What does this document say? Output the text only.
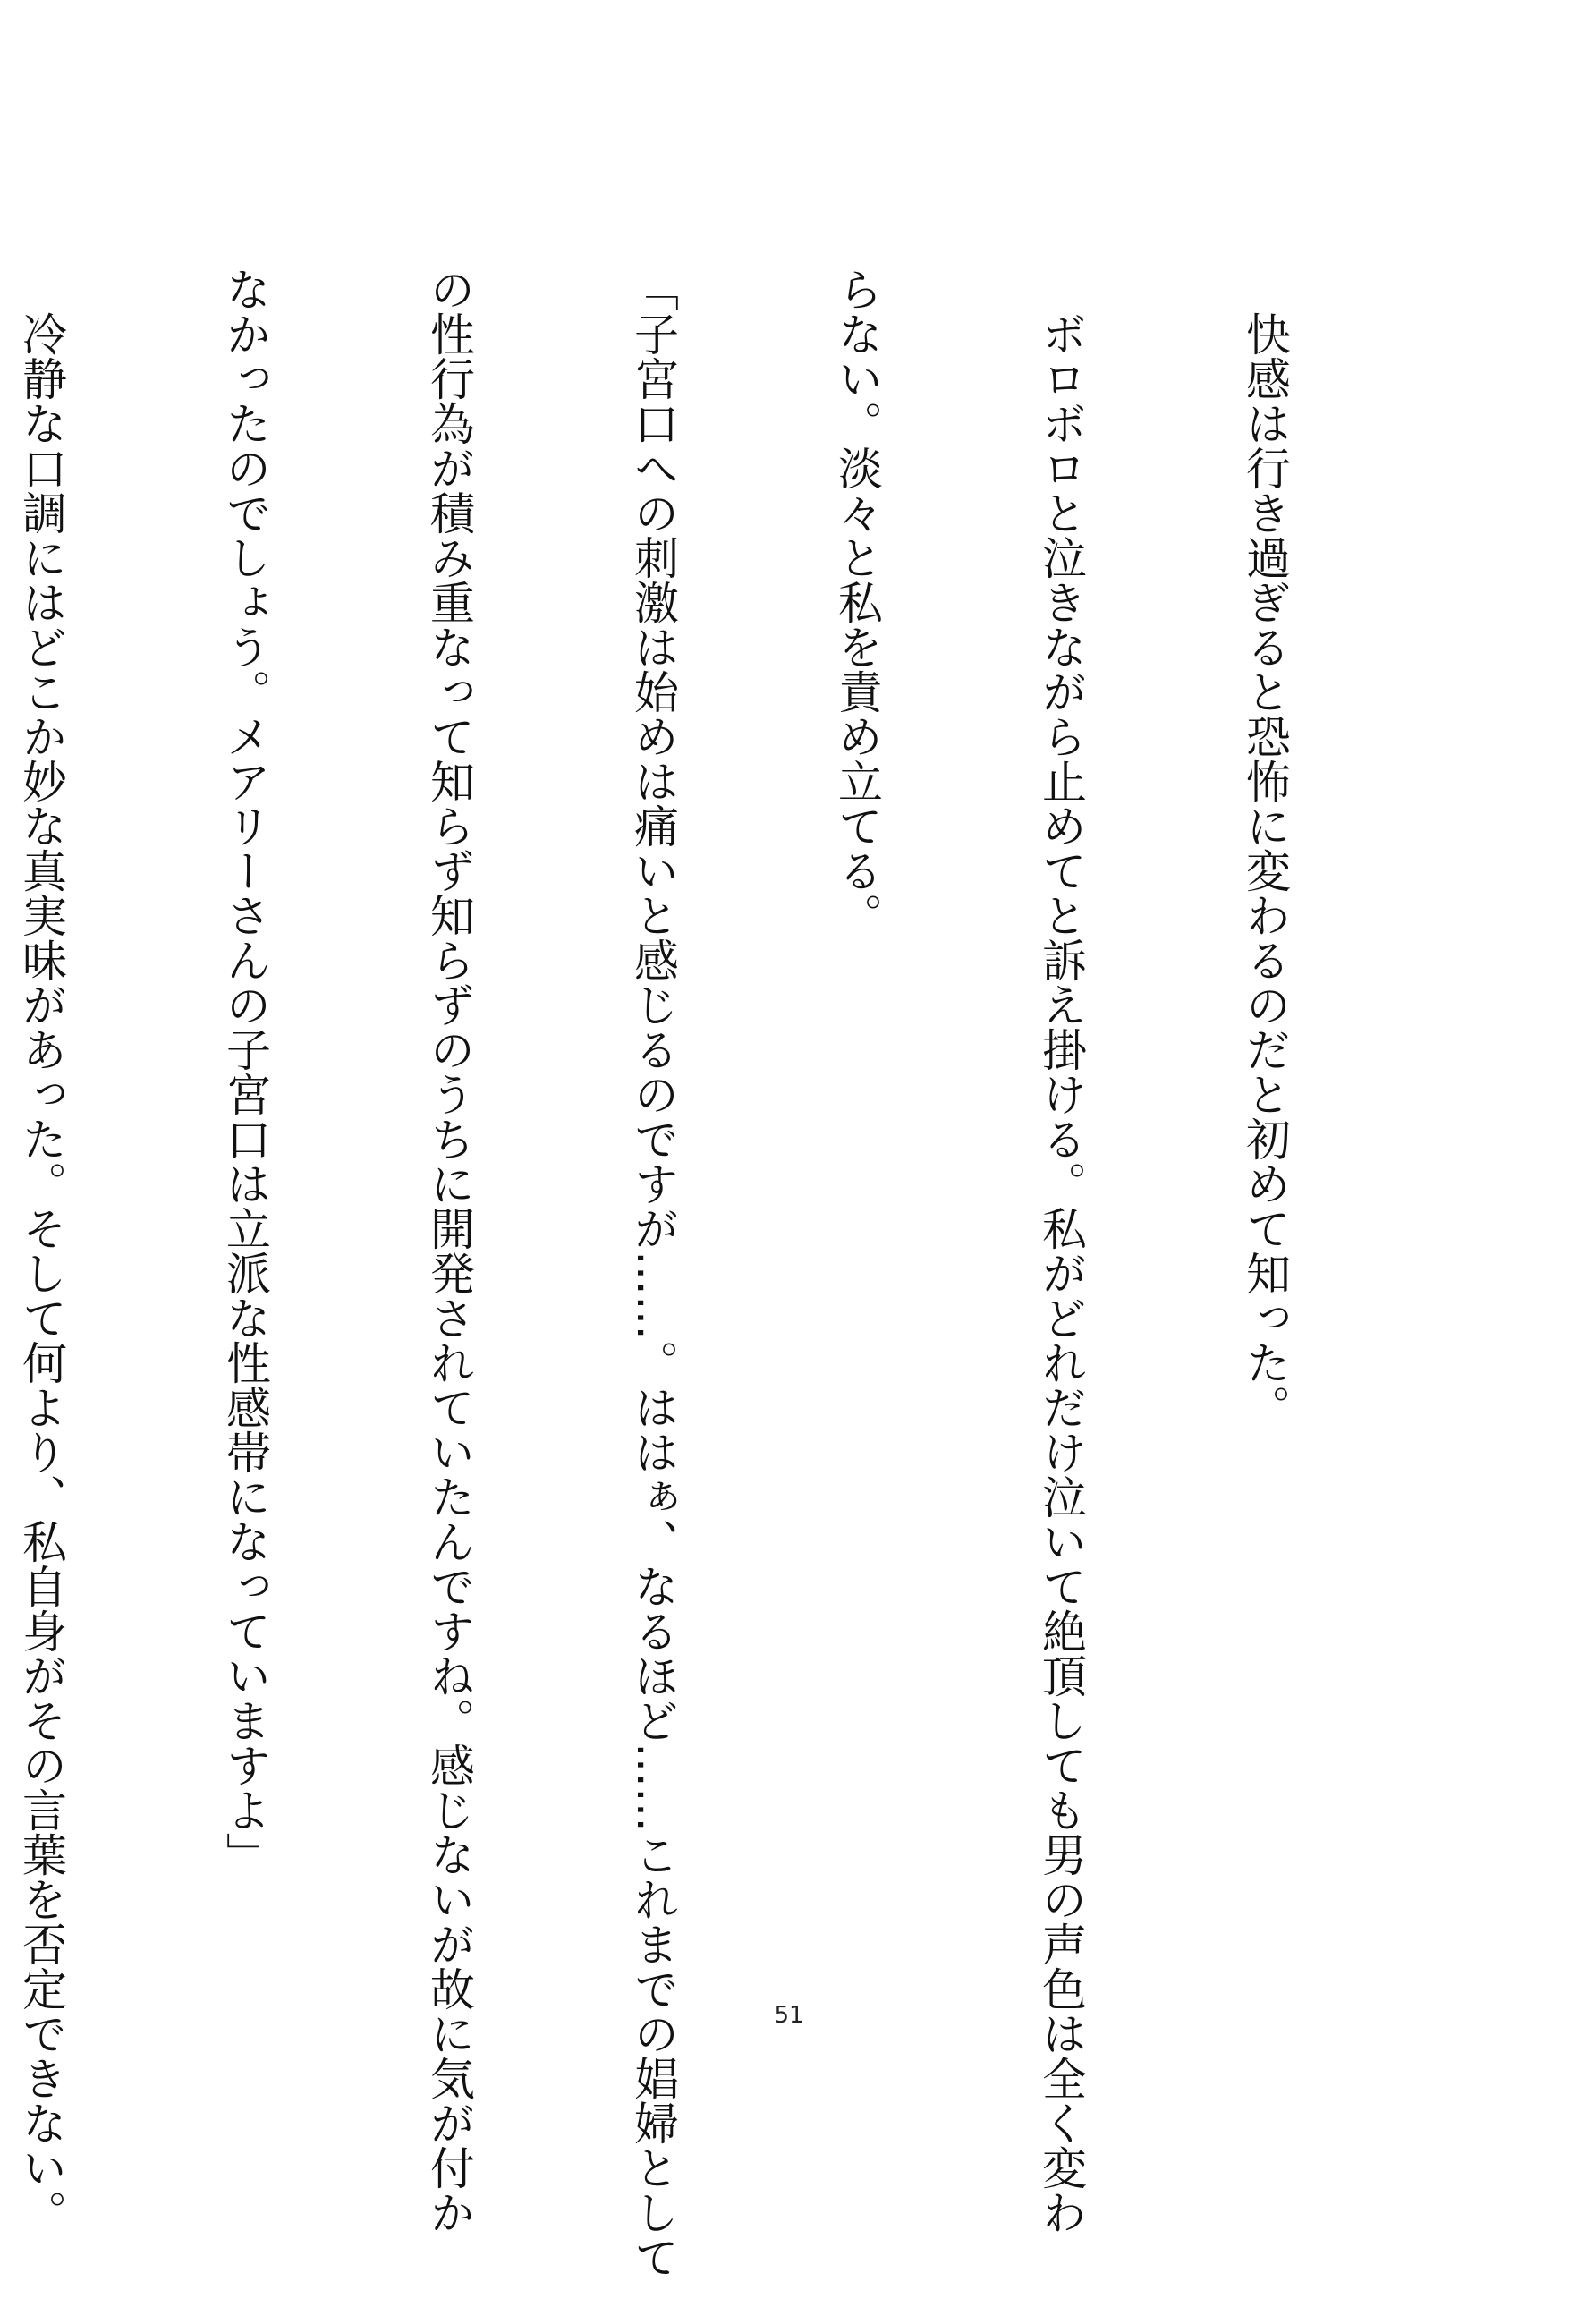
快感は行き過ぎると恐怖に変わるのだと初めて知った。

ボロボロと泣きながら止めてと訴え掛ける。私がどれだけ泣いて絶頂しても男の声色は全く変わ

らない。淡々と私を責め立てる。

「子宮口への刺激は始めは痛いと感じるのですが……。ははぁ、なるほど……これまでの娼婦として

の性行為が積み重なって知らず知らずのうちに開発されていたんですね。感じないが故に気が付か

なかったのでしょう。メアリーさんの子宮口は立派な性感帯になっていますよ」

冷静な口調にはどこか妙な真実味があった。そして何より、私自身がその言葉を否定できない。

	51
